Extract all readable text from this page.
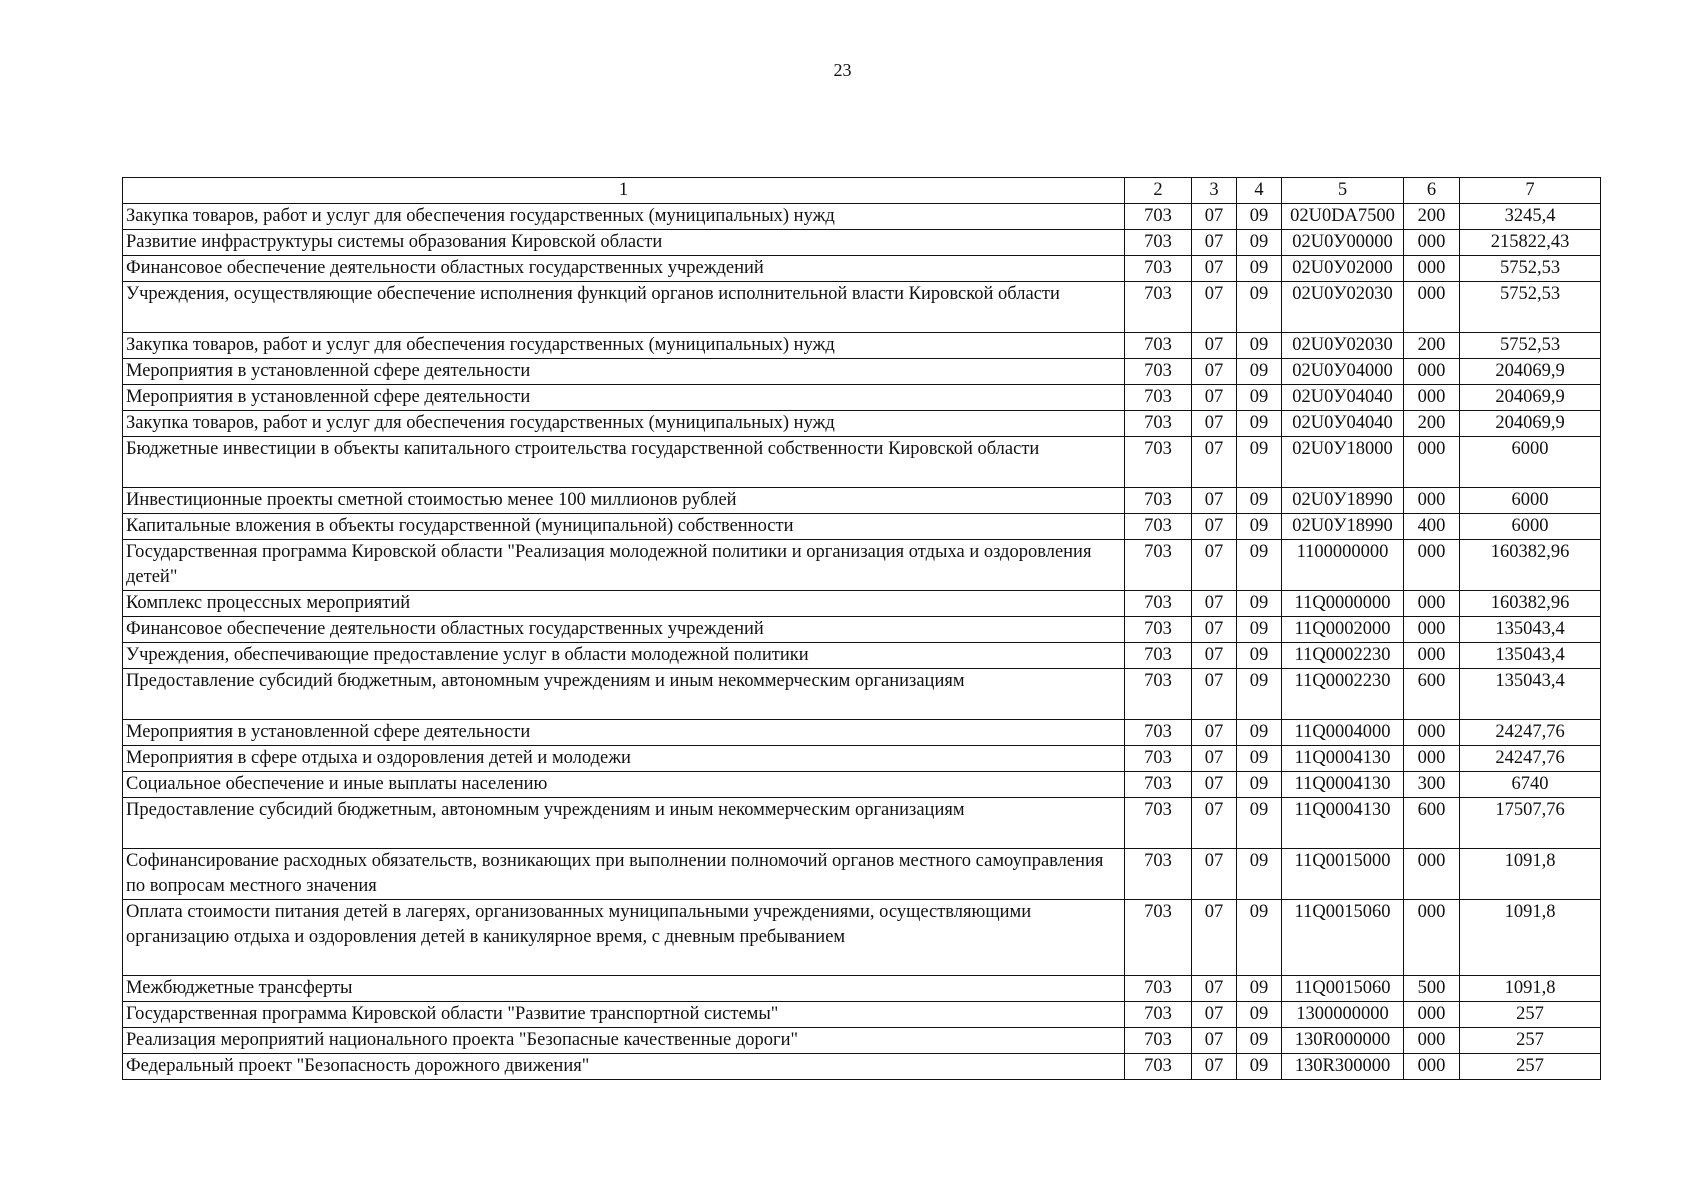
23
1	2	3	4	5	6	7
Закупка товаров, работ и услуг для обеспечения государственных (муниципальных) нужд	703	07	09	02U0DA7500	200	3245,4
Развитие инфраструктуры системы образования Кировской области	703	07	09	02U0У00000	000	215822,43
Финансовое обеспечение деятельности областных государственных учреждений	703	07	09	02U0У02000	000	5752,53
Учреждения, осуществляющие обеспечение исполнения функций органов исполнительной власти Кировской области	703	07	09	02U0У02030	000	5752,53
Закупка товаров, работ и услуг для обеспечения государственных (муниципальных) нужд	703	07	09	02U0У02030	200	5752,53
Мероприятия в установленной сфере деятельности	703	07	09	02U0У04000	000	204069,9
Мероприятия в установленной сфере деятельности	703	07	09	02U0У04040	000	204069,9
Закупка товаров, работ и услуг для обеспечения государственных (муниципальных) нужд	703	07	09	02U0У04040	200	204069,9
Бюджетные инвестиции в объекты капитального строительства государственной собственности Кировской области	703	07	09	02U0У18000	000	6000
Инвестиционные проекты сметной стоимостью менее 100 миллионов рублей	703	07	09	02U0У18990	000	6000
Капитальные вложения в объекты государственной (муниципальной) собственности	703	07	09	02U0У18990	400	6000
Государственная программа Кировской области "Реализация молодежной политики и организация отдыха и оздоровления детей"	703	07	09	1100000000	000	160382,96
Комплекс процессных мероприятий	703	07	09	11Q0000000	000	160382,96
Финансовое обеспечение деятельности областных государственных учреждений	703	07	09	11Q0002000	000	135043,4
Учреждения, обеспечивающие предоставление услуг в области молодежной политики	703	07	09	11Q0002230	000	135043,4
Предоставление субсидий бюджетным, автономным учреждениям и иным некоммерческим организациям	703	07	09	11Q0002230	600	135043,4
Мероприятия в установленной сфере деятельности	703	07	09	11Q0004000	000	24247,76
Мероприятия в сфере отдыха и оздоровления детей и молодежи	703	07	09	11Q0004130	000	24247,76
Социальное обеспечение и иные выплаты населению	703	07	09	11Q0004130	300	6740
Предоставление субсидий бюджетным, автономным учреждениям и иным некоммерческим организациям	703	07	09	11Q0004130	600	17507,76
Софинансирование расходных обязательств, возникающих при выполнении полномочий органов местного самоуправления по вопросам местного значения	703	07	09	11Q0015000	000	1091,8
Оплата стоимости питания детей в лагерях, организованных муниципальными учреждениями, осуществляющими организацию отдыха и оздоровления детей в каникулярное время, с дневным пребыванием	703	07	09	11Q0015060	000	1091,8
Межбюджетные трансферты	703	07	09	11Q0015060	500	1091,8
Государственная программа Кировской области "Развитие транспортной системы"	703	07	09	1300000000	000	257
Реализация мероприятий национального проекта "Безопасные качественные дороги"	703	07	09	130R000000	000	257
Федеральный проект "Безопасность дорожного движения"	703	07	09	130R300000	000	257
